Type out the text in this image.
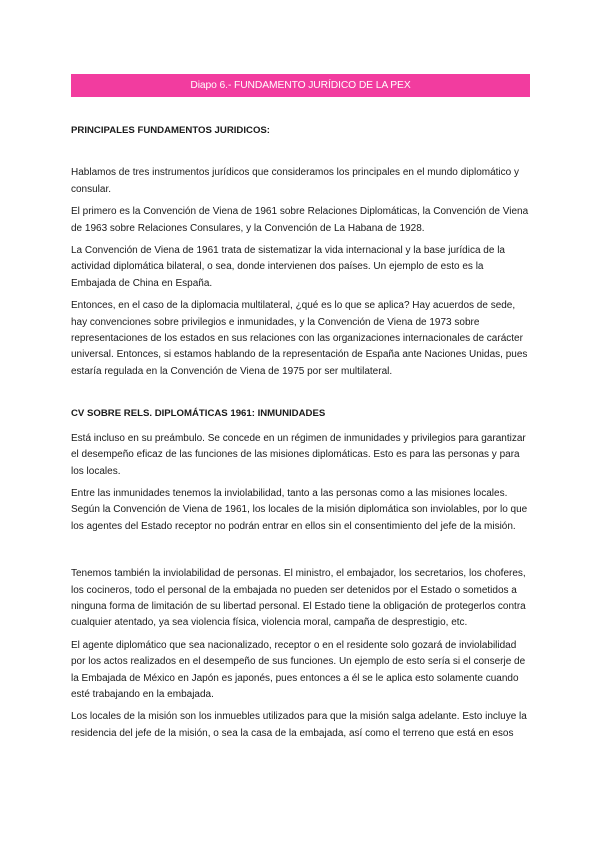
Diapo 6.- FUNDAMENTO JURÍDICO DE LA PEX

PRINCIPALES FUNDAMENTOS JURIDICOS:

Hablamos de tres instrumentos jurídicos que consideramos los principales en el mundo diplomático y consular.

El primero es la Convención de Viena de 1961 sobre Relaciones Diplomáticas, la Convención de Viena de 1963 sobre Relaciones Consulares, y la Convención de La Habana de 1928.

La Convención de Viena de 1961 trata de sistematizar la vida internacional y la base jurídica de la actividad diplomática bilateral, o sea, donde intervienen dos países. Un ejemplo de esto es la Embajada de China en España.

Entonces, en el caso de la diplomacia multilateral, ¿qué es lo que se aplica? Hay acuerdos de sede, hay convenciones sobre privilegios e inmunidades, y la Convención de Viena de 1973 sobre representaciones de los estados en sus relaciones con las organizaciones internacionales de carácter universal. Entonces, si estamos hablando de la representación de España ante Naciones Unidas, pues estaría regulada en la Convención de Viena de 1975 por ser multilateral.

CV SOBRE RELS. DIPLOMÁTICAS 1961: INMUNIDADES

Está incluso en su preámbulo. Se concede en un régimen de inmunidades y privilegios para garantizar el desempeño eficaz de las funciones de las misiones diplomáticas. Esto es para las personas y para los locales.

Entre las inmunidades tenemos la inviolabilidad, tanto a las personas como a las misiones locales.

Según la Convención de Viena de 1961, los locales de la misión diplomática son inviolables, por lo que los agentes del Estado receptor no podrán entrar en ellos sin el consentimiento del jefe de la misión.

Tenemos también la inviolabilidad de personas. El ministro, el embajador, los secretarios, los choferes, los cocineros, todo el personal de la embajada no pueden ser detenidos por el Estado o sometidos a ninguna forma de limitación de su libertad personal. El Estado tiene la obligación de protegerlos contra cualquier atentado, ya sea violencia física, violencia moral, campaña de desprestigio, etc.

El agente diplomático que sea nacionalizado, receptor o en el residente solo gozará de inviolabilidad por los actos realizados en el desempeño de sus funciones. Un ejemplo de esto sería si el conserje de la Embajada de México en Japón es japonés, pues entonces a él se le aplica esto solamente cuando esté trabajando en la embajada.

Los locales de la misión son los inmuebles utilizados para que la misión salga adelante. Esto incluye la residencia del jefe de la misión, o sea la casa de la embajada, así como el terreno que está en esos
